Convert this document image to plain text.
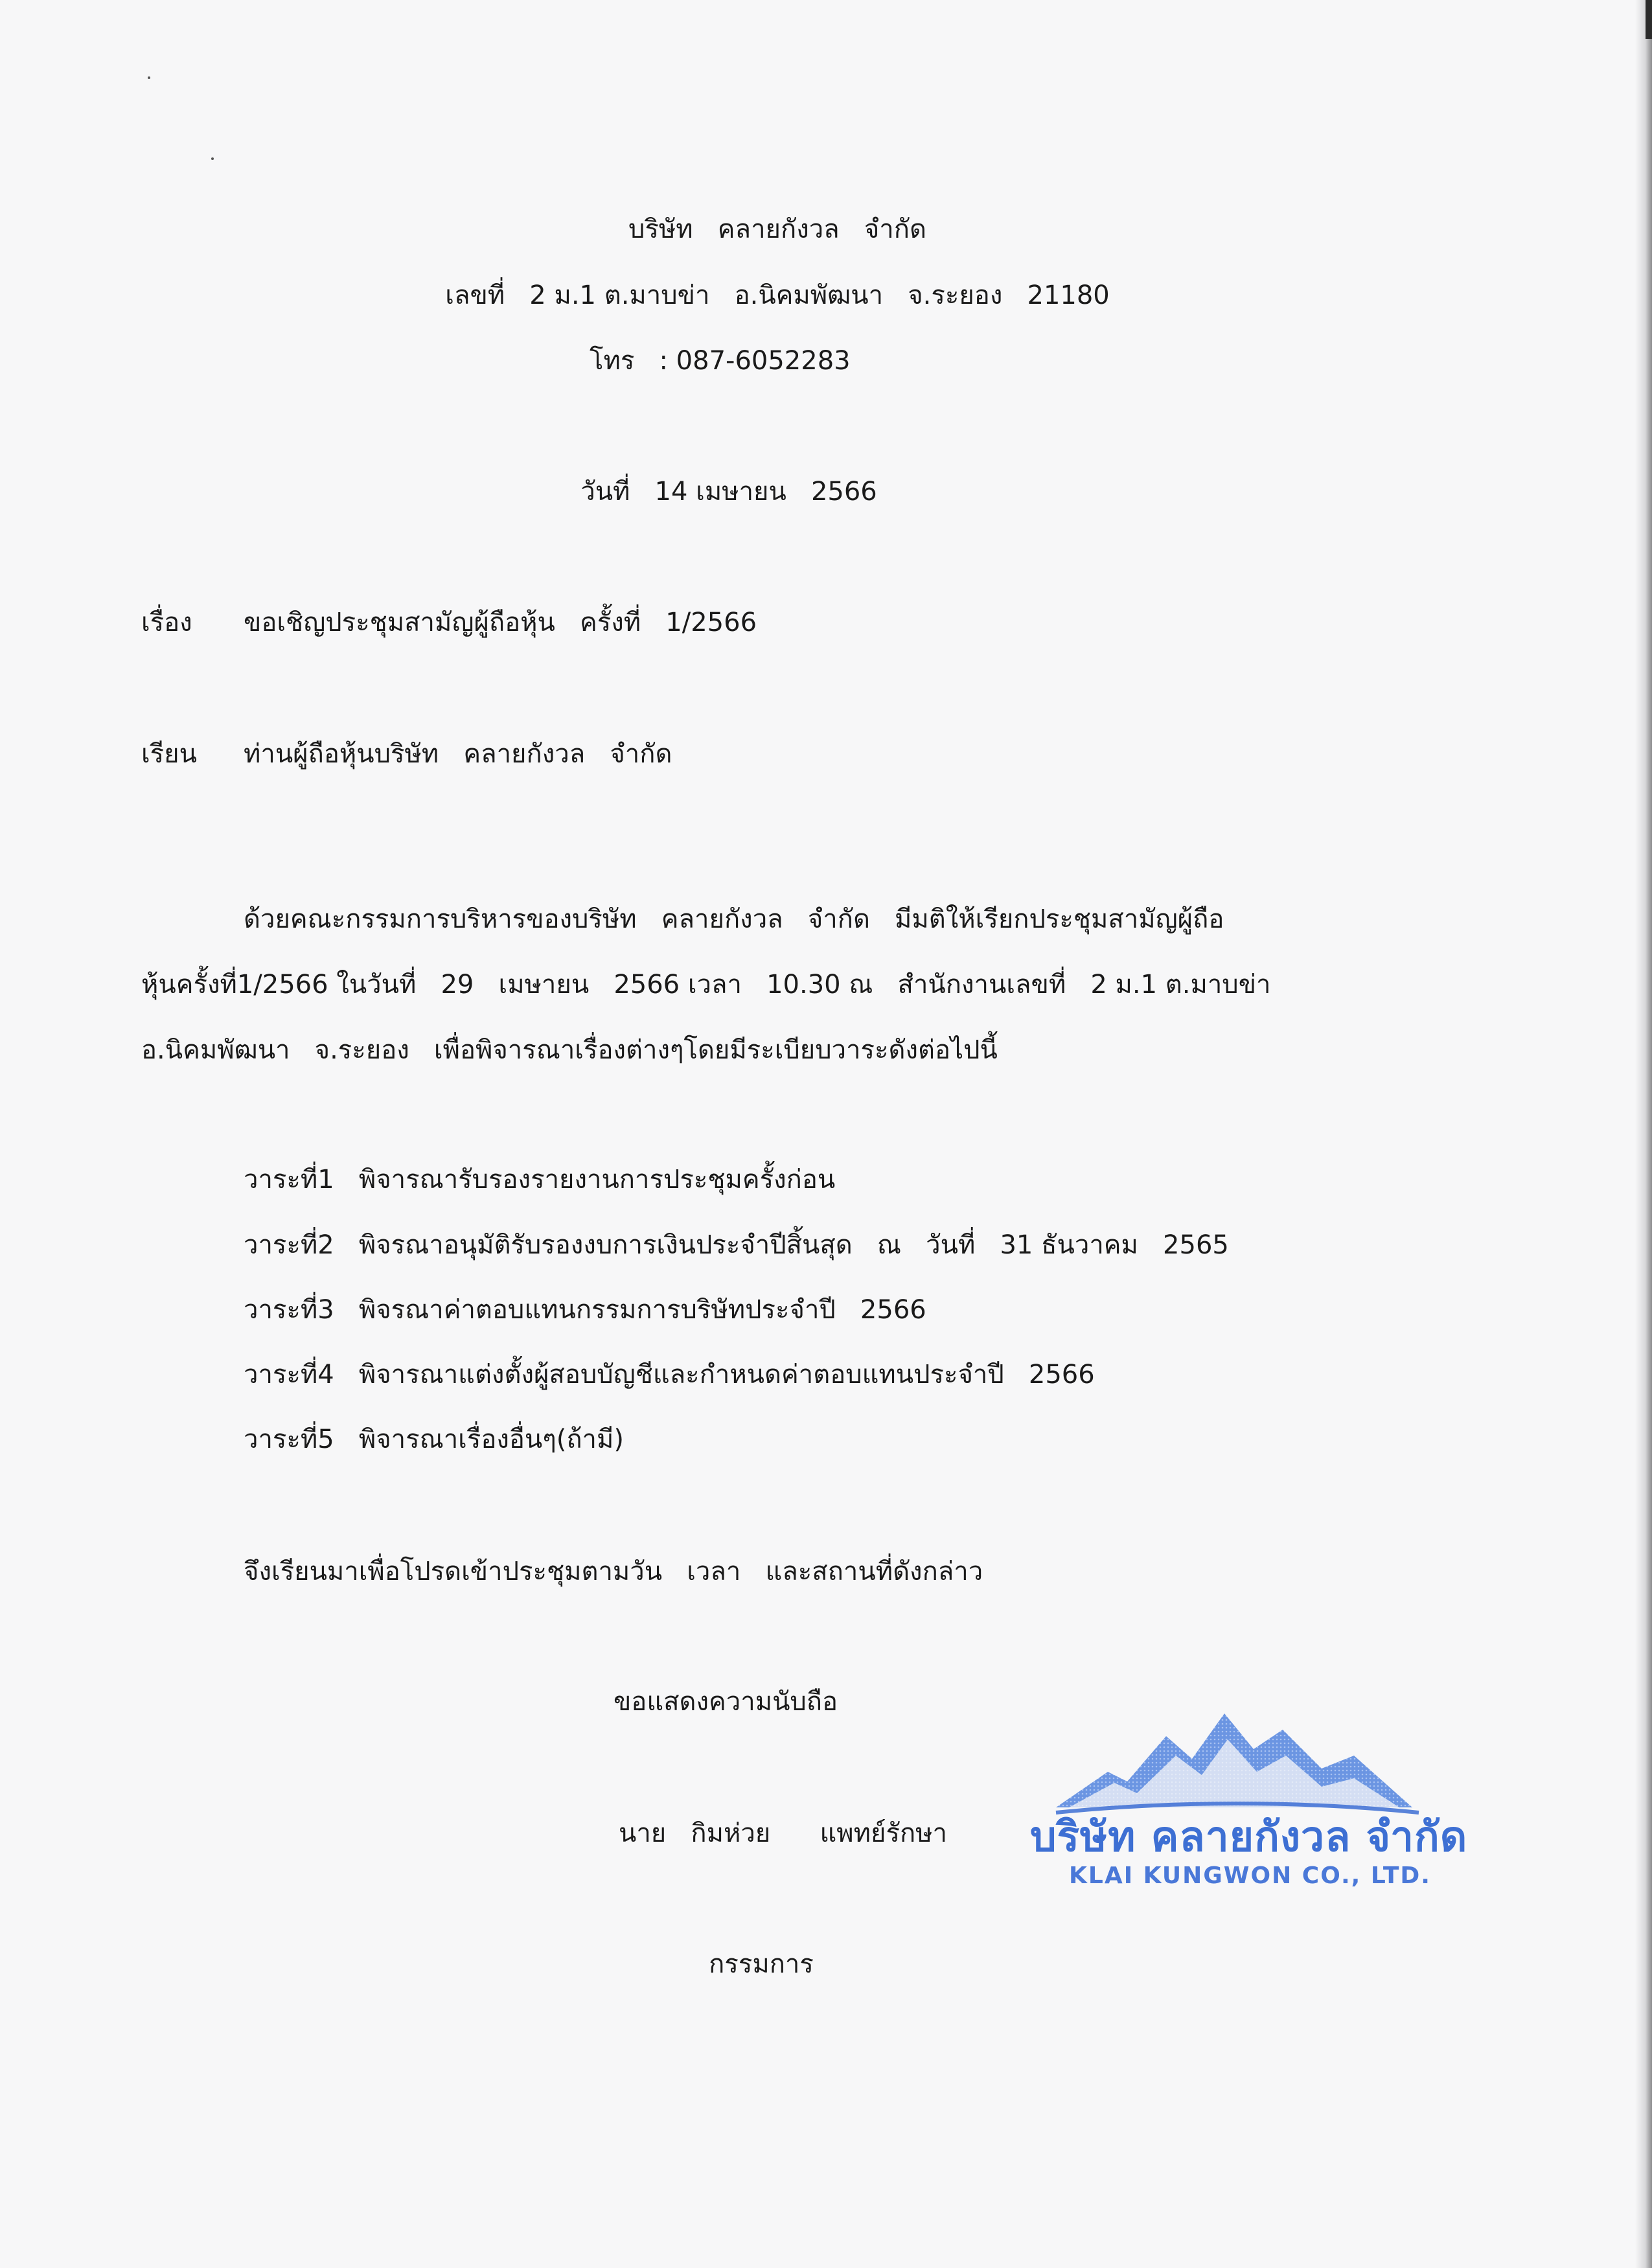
บริษัท   คลายกังวล   จำกัด
เลขที่   2 ม.1 ต.มาบข่า   อ.นิคมพัฒนา   จ.ระยอง   21180
โทร   : 087-6052283
วันที่   14 เมษายน   2566
เรื่อง ขอเชิญประชุมสามัญผู้ถือหุ้น   ครั้งที่   1/2566
เรียน ท่านผู้ถือหุ้นบริษัท   คลายกังวล   จำกัด
ด้วยคณะกรรมการบริหารของบริษัท   คลายกังวล   จำกัด   มีมติให้เรียกประชุมสามัญผู้ถือ
หุ้นครั้งที่1/2566 ในวันที่   29   เมษายน   2566 เวลา   10.30 ณ   สำนักงานเลขที่   2 ม.1 ต.มาบข่า
อ.นิคมพัฒนา   จ.ระยอง   เพื่อพิจารณาเรื่องต่างๆโดยมีระเบียบวาระดังต่อไปนี้
วาระที่1   พิจารณารับรองรายงานการประชุมครั้งก่อน
วาระที่2   พิจรณาอนุมัติรับรองงบการเงินประจำปีสิ้นสุด   ณ   วันที่   31 ธันวาคม   2565
วาระที่3   พิจรณาค่าตอบแทนกรรมการบริษัทประจำปี   2566
วาระที่4   พิจารณาแต่งตั้งผู้สอบบัญชีและกำหนดค่าตอบแทนประจำปี   2566
วาระที่5   พิจารณาเรื่องอื่นๆ(ถ้ามี)
จึงเรียนมาเพื่อโปรดเข้าประชุมตามวัน   เวลา   และสถานที่ดังกล่าว
ขอแสดงความนับถือ
นาย   กิมห่วย      แพทย์รักษา
กรรมการ
บริษัท คลายกังวล จำกัด
KLAI KUNGWON CO., LTD.
